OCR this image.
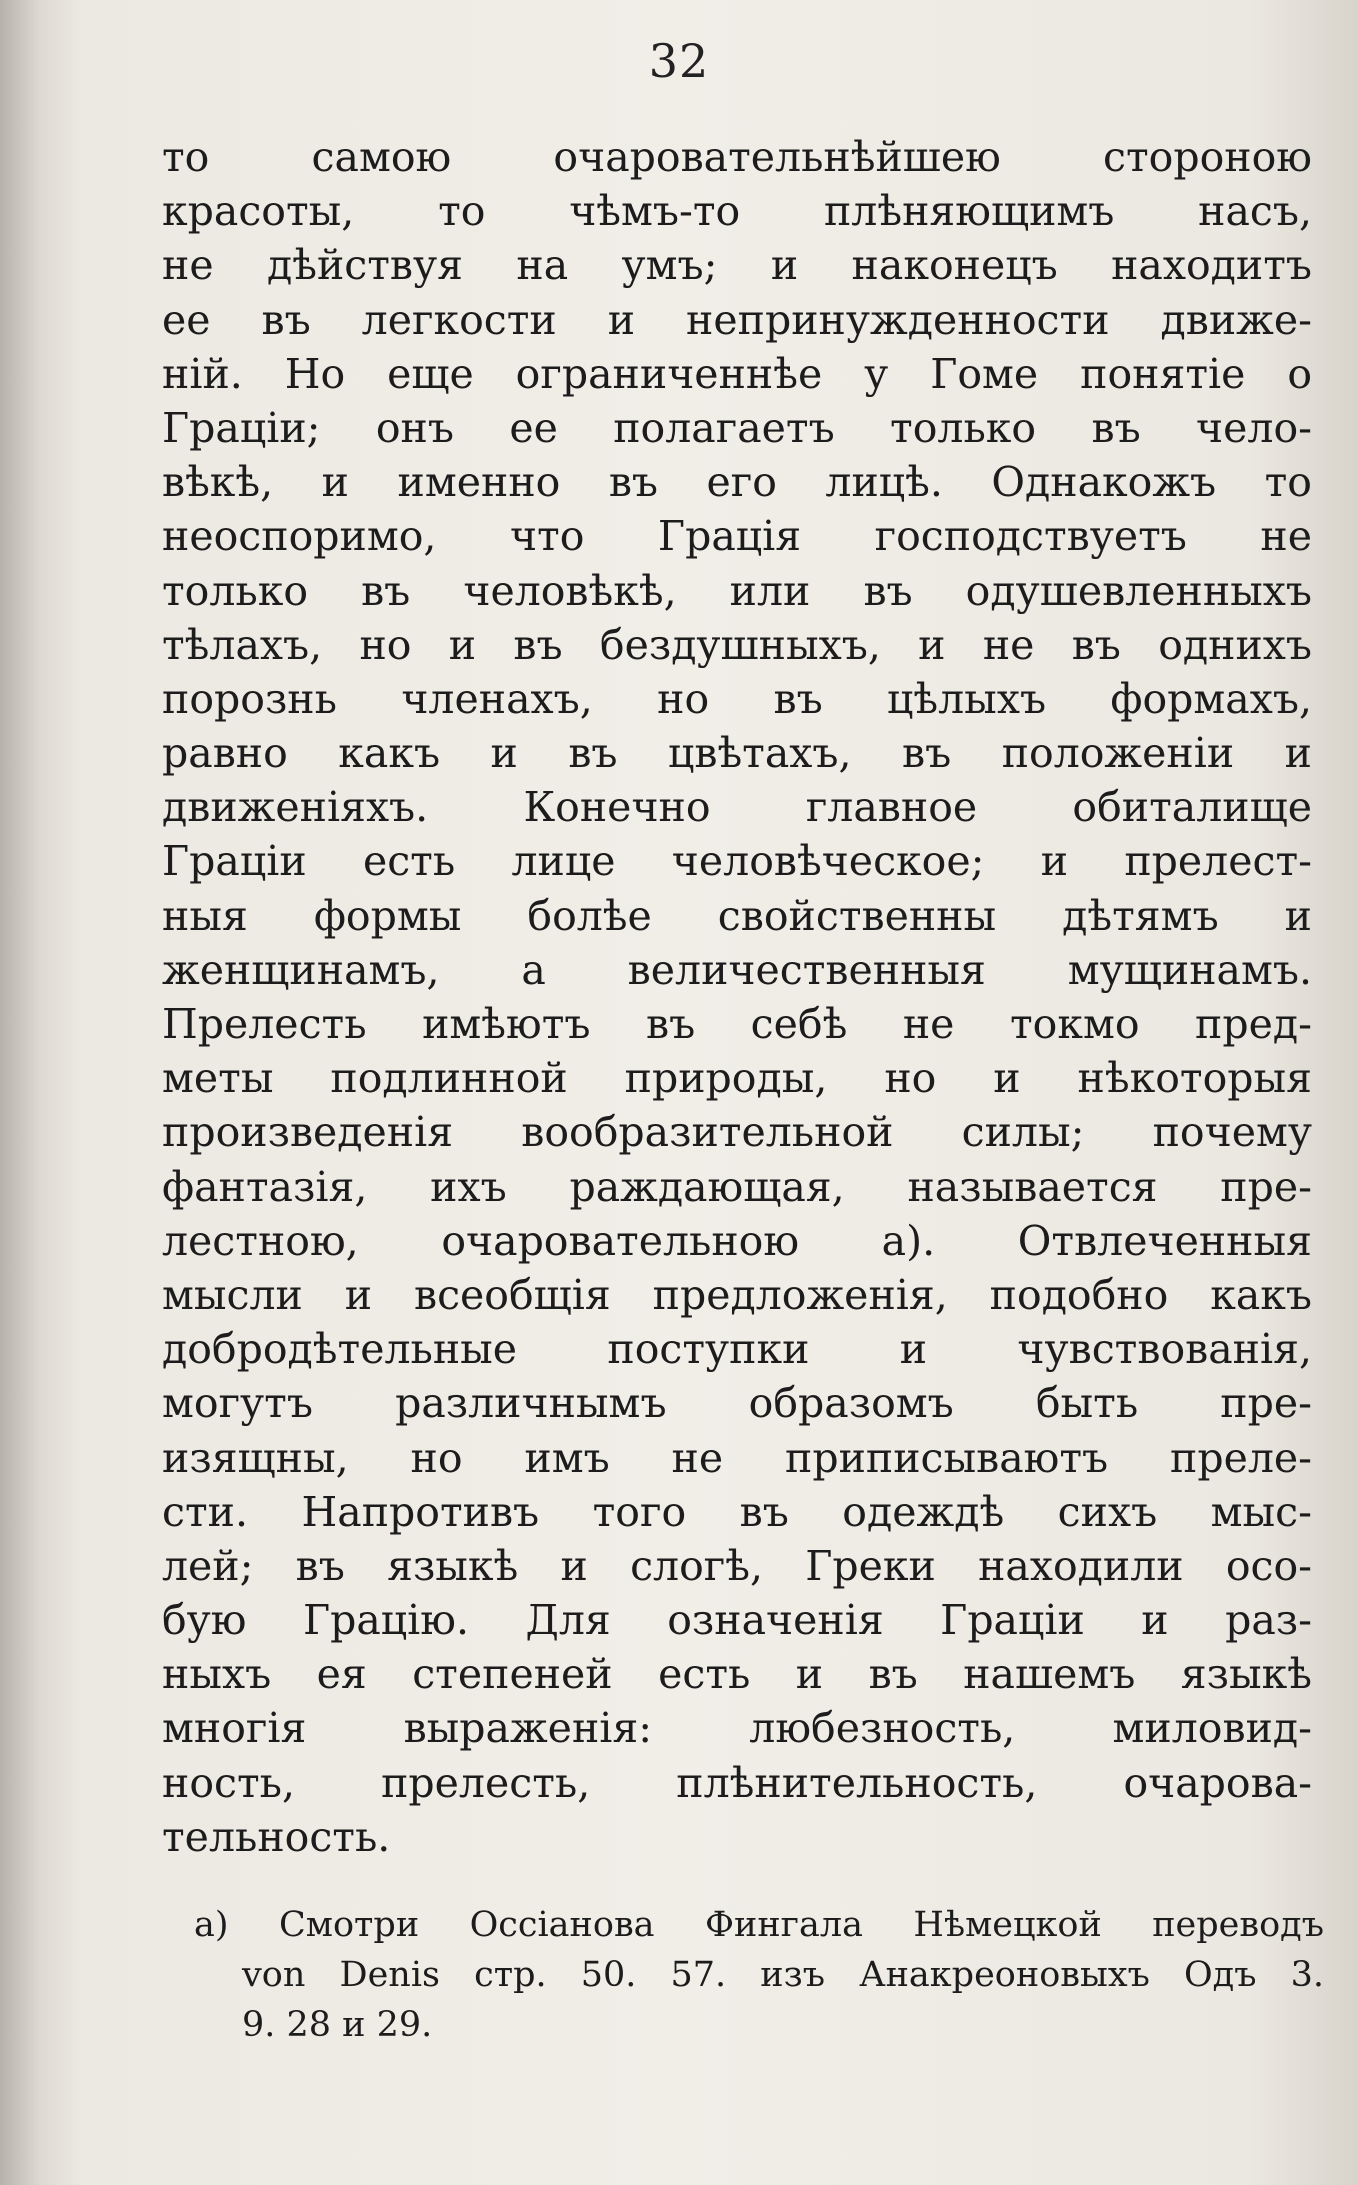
32
то самою очаровательнѣйшею стороною
красоты, то чѣмъ-то плѣняющимъ насъ,
не дѣйствуя на умъ; и наконецъ находитъ
ее въ легкости и непринужденности движе-
нiй. Но еще ограниченнѣе у Гоме понятiе о
Грацiи; онъ ее полагаетъ только въ чело-
вѣкѣ, и именно въ его лицѣ. Однакожъ то
неоспоримо, что Грацiя господствуетъ не
только въ человѣкѣ, или въ одушевленныхъ
тѣлахъ, но и въ бездушныхъ, и не въ однихъ
порознь членахъ, но въ цѣлыхъ формахъ,
равно какъ и въ цвѣтахъ, въ положенiи и
движенiяхъ. Конечно главное обиталище
Грацiи есть лице человѣческое; и прелест-
ныя формы болѣе свойственны дѣтямъ и
женщинамъ, а величественныя мущинамъ.
Прелесть имѣютъ въ себѣ не токмо пред-
меты подлинной природы, но и нѣкоторыя
произведенiя вообразительной силы; почему
фантазiя, ихъ раждающая, называется пре-
лестною, очаровательною а). Отвлеченныя
мысли и всеобщiя предложенiя, подобно какъ
добродѣтельные поступки и чувствованiя,
могутъ различнымъ образомъ быть пре-
изящны, но имъ не приписываютъ преле-
сти. Напротивъ того въ одеждѣ сихъ мыс-
лей; въ языкѣ и слогѣ, Греки находили осо-
бую Грацiю. Для означенiя Грацiи и раз-
ныхъ ея степеней есть и въ нашемъ языкѣ
многiя выраженiя: любезность, миловид-
ность, прелесть, плѣнительность, очарова-
тельность.
а) Смотри Оссiанова Фингала Нѣмецкой переводъ
von Denis стр. 50. 57. изъ Анакреоновыхъ Одъ 3.
9. 28 и 29.
